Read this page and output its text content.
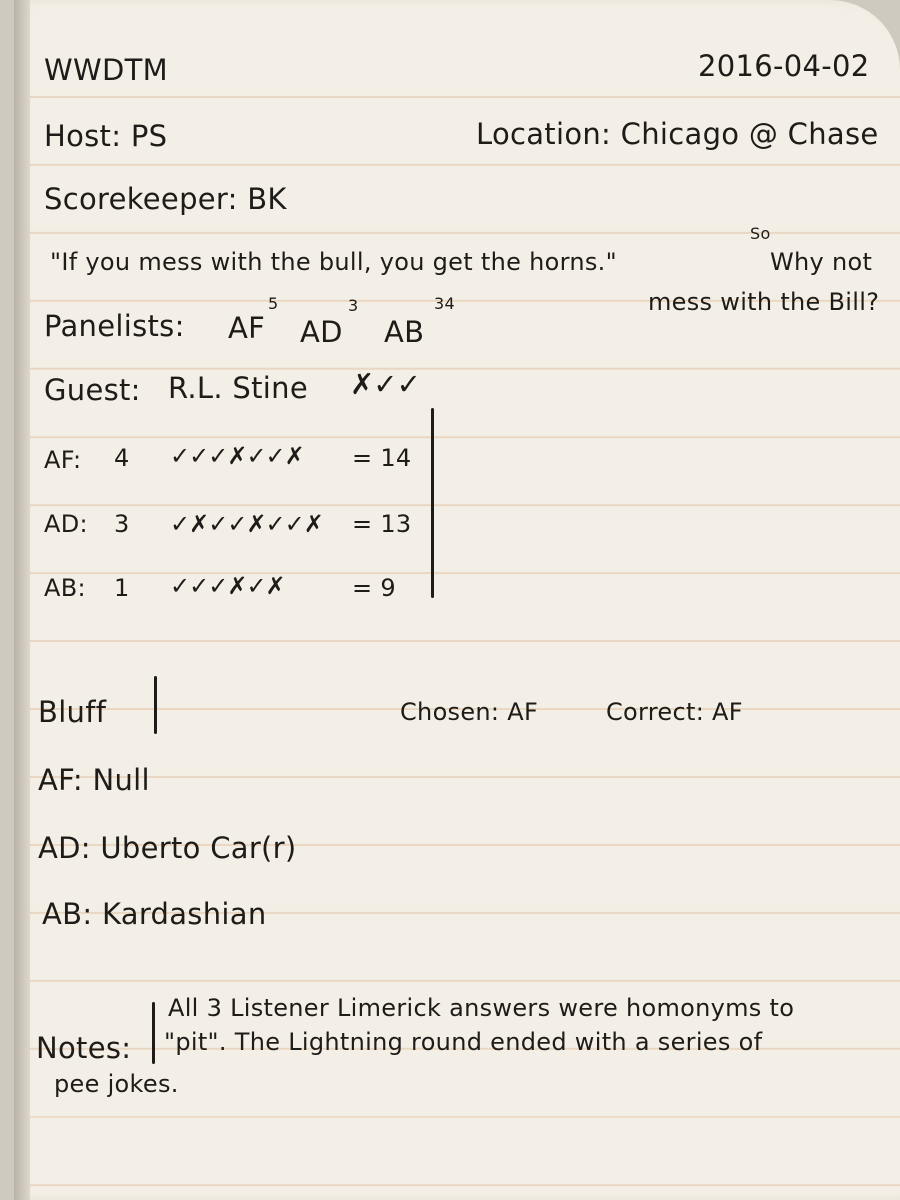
WWDTM	2016-04-02
Host: PS	Location: Chicago @ Chase
Scorekeeper: BK
"If you mess with the bull, you get the horns."
So
Why not
mess with the Bill?
Panelists: AF
5
AD
3
AB
34
Guest: R.L. Stine ✗✓✓
AF: 4 ✓✓✓✗✓✓✗ = 14
AD: 3 ✓✗✓✓✗✓✓✗ = 13
AB: 1 ✓✓✓✗✓✗	= 9
Bluff	Chosen: AF	Correct: AF
AF: Null
AD: Uberto Car(r)
AB: Kardashian
Notes:
All 3 Listener Limerick answers were homonyms to
"pit". The Lightning round ended with a series of
pee jokes.
